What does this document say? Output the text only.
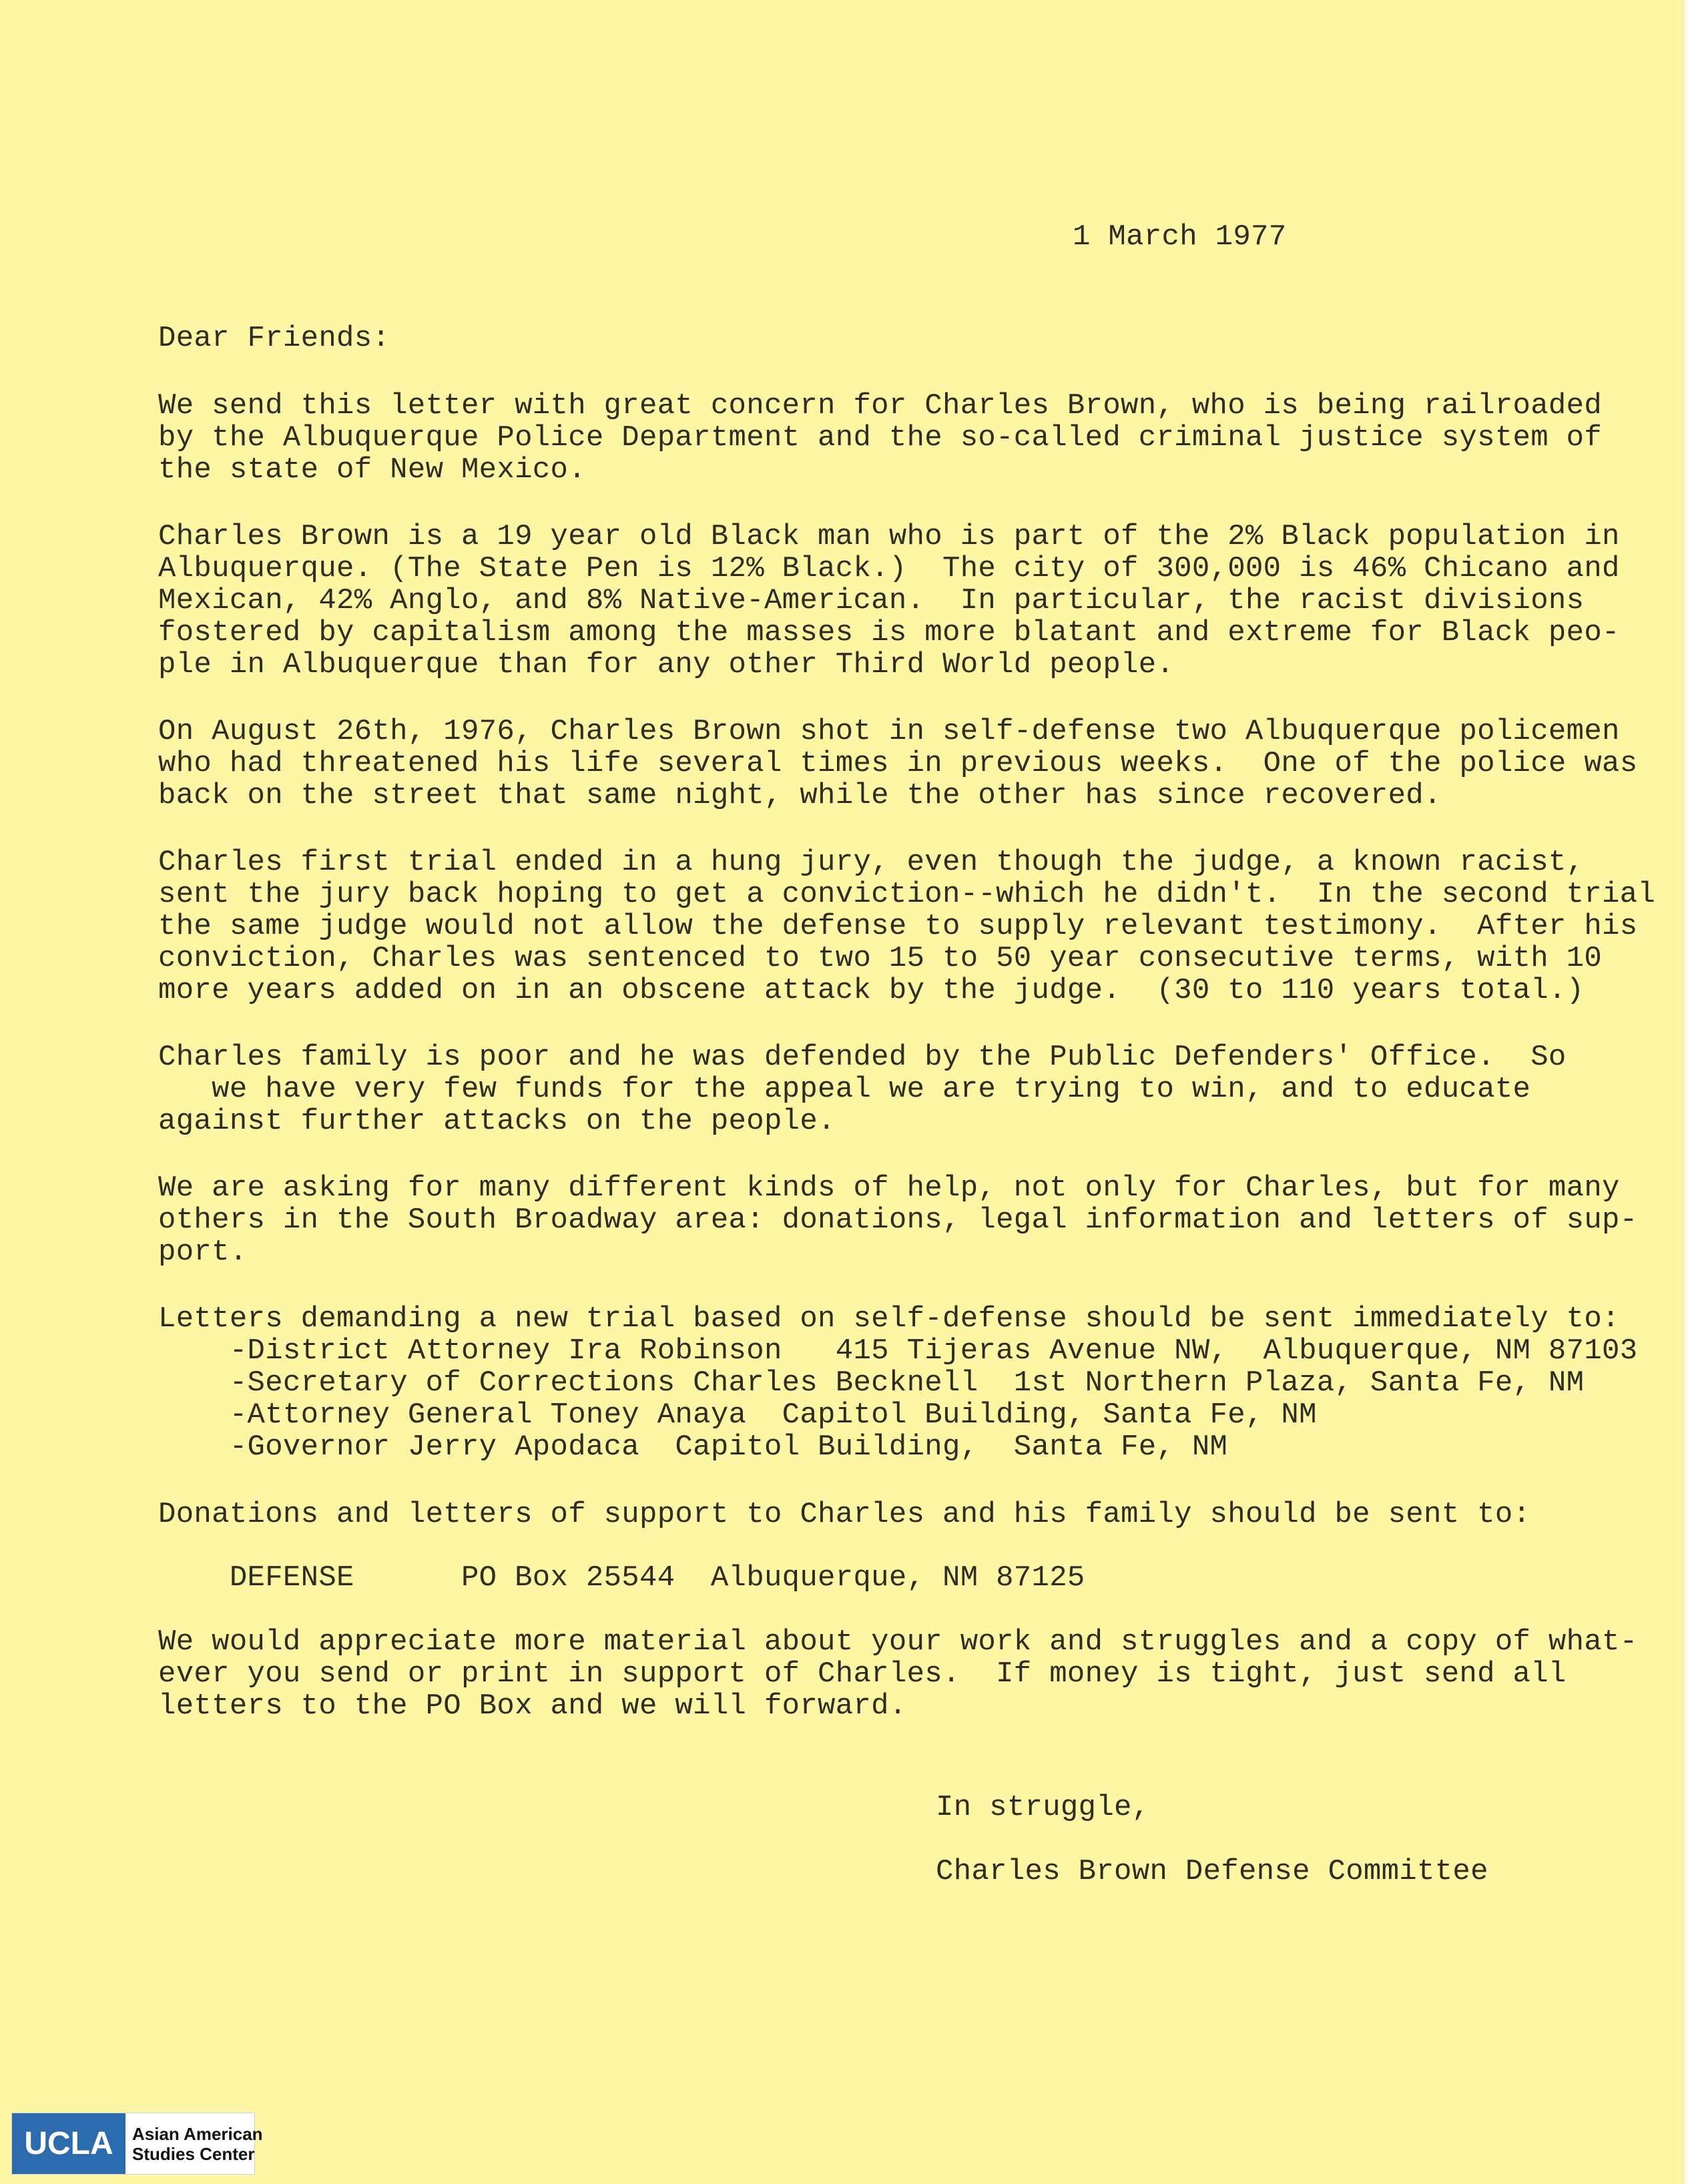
1 March 1977
Dear Friends:
We send this letter with great concern for Charles Brown, who is being railroaded
by the Albuquerque Police Department and the so-called criminal justice system of
the state of New Mexico.
Charles Brown is a 19 year old Black man who is part of the 2% Black population in
Albuquerque. (The State Pen is 12% Black.)  The city of 300,000 is 46% Chicano and
Mexican, 42% Anglo, and 8% Native-American.  In particular, the racist divisions
fostered by capitalism among the masses is more blatant and extreme for Black peo-
ple in Albuquerque than for any other Third World people.
On August 26th, 1976, Charles Brown shot in self-defense two Albuquerque policemen
who had threatened his life several times in previous weeks.  One of the police was
back on the street that same night, while the other has since recovered.
Charles first trial ended in a hung jury, even though the judge, a known racist,
sent the jury back hoping to get a conviction--which he didn't.  In the second trial
the same judge would not allow the defense to supply relevant testimony.  After his
conviction, Charles was sentenced to two 15 to 50 year consecutive terms, with 10
more years added on in an obscene attack by the judge.  (30 to 110 years total.)
Charles family is poor and he was defended by the Public Defenders' Office.  So
we have very few funds for the appeal we are trying to win, and to educate
against further attacks on the people.
We are asking for many different kinds of help, not only for Charles, but for many
others in the South Broadway area: donations, legal information and letters of sup-
port.
Letters demanding a new trial based on self-defense should be sent immediately to:
-District Attorney Ira Robinson   415 Tijeras Avenue NW,  Albuquerque, NM 87103
-Secretary of Corrections Charles Becknell  1st Northern Plaza, Santa Fe, NM
-Attorney General Toney Anaya  Capitol Building, Santa Fe, NM
-Governor Jerry Apodaca  Capitol Building,  Santa Fe, NM
Donations and letters of support to Charles and his family should be sent to:
DEFENSE      PO Box 25544  Albuquerque, NM 87125
We would appreciate more material about your work and struggles and a copy of what-
ever you send or print in support of Charles.  If money is tight, just send all
letters to the PO Box and we will forward.
In struggle,
Charles Brown Defense Committee
UCLA	Asian American
Studies Center
